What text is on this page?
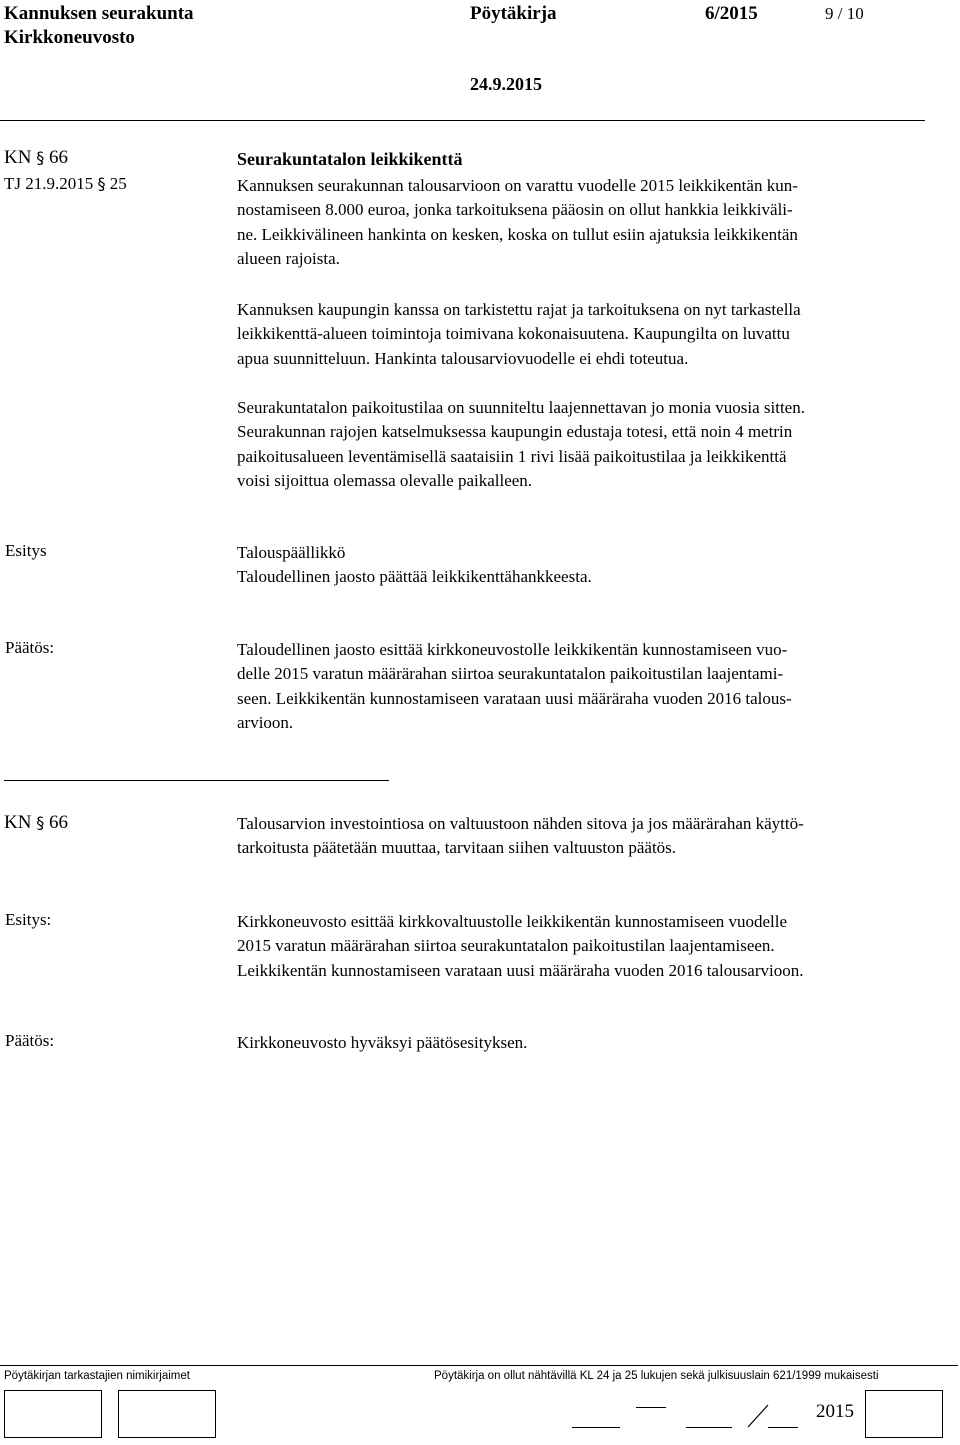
Kannuksen seurakunta
Kirkkoneuvosto
Pöytäkirja	6/2015	9 / 10
24.9.2015
KN § 66
TJ 21.9.2015 § 25
Seurakuntatalon leikkikenttä
Kannuksen seurakunnan talousarvioon on varattu vuodelle 2015 leikkikentän kun-
nostamiseen 8.000 euroa, jonka tarkoituksena pääosin on ollut hankkia leikkiväli-
ne. Leikkivälineen hankinta on kesken, koska on tullut esiin ajatuksia leikkikentän
alueen rajoista.
Kannuksen kaupungin kanssa on tarkistettu rajat ja tarkoituksena on nyt tarkastella
leikkikenttä-alueen toimintoja toimivana kokonaisuutena. Kaupungilta on luvattu
apua suunnitteluun. Hankinta talousarviovuodelle ei ehdi toteutua.
Seurakuntatalon paikoitustilaa on suunniteltu laajennettavan jo monia vuosia sitten.
Seurakunnan rajojen katselmuksessa kaupungin edustaja totesi, että noin 4 metrin
paikoitusalueen leventämisellä saataisiin 1 rivi lisää paikoitustilaa ja leikkikenttä
voisi sijoittua olemassa olevalle paikalleen.
Esitys	Talouspäällikkö
Taloudellinen jaosto päättää leikkikenttähankkeesta.
Päätös:	Taloudellinen jaosto esittää kirkkoneuvostolle leikkikentän kunnostamiseen vuo-
delle 2015 varatun määrärahan siirtoa seurakuntatalon paikoitustilan laajentami-
seen. Leikkikentän kunnostamiseen varataan uusi määräraha vuoden 2016 talous-
arvioon.
KN § 66	Talousarvion investointiosa on valtuustoon nähden sitova ja jos määrärahan käyttö-
tarkoitusta päätetään muuttaa, tarvitaan siihen valtuuston päätös.
Esitys:	Kirkkoneuvosto esittää kirkkovaltuustolle leikkikentän kunnostamiseen vuodelle
2015 varatun määrärahan siirtoa seurakuntatalon paikoitustilan laajentamiseen.
Leikkikentän kunnostamiseen varataan uusi määräraha vuoden 2016 talousarvioon.
Päätös:	Kirkkoneuvosto hyväksyi päätösesityksen.
Pöytäkirjan tarkastajien nimikirjaimet	Pöytäkirja on ollut nähtävillä KL 24 ja 25 lukujen sekä julkisuuslain 621/1999 mukaisesti
2015
